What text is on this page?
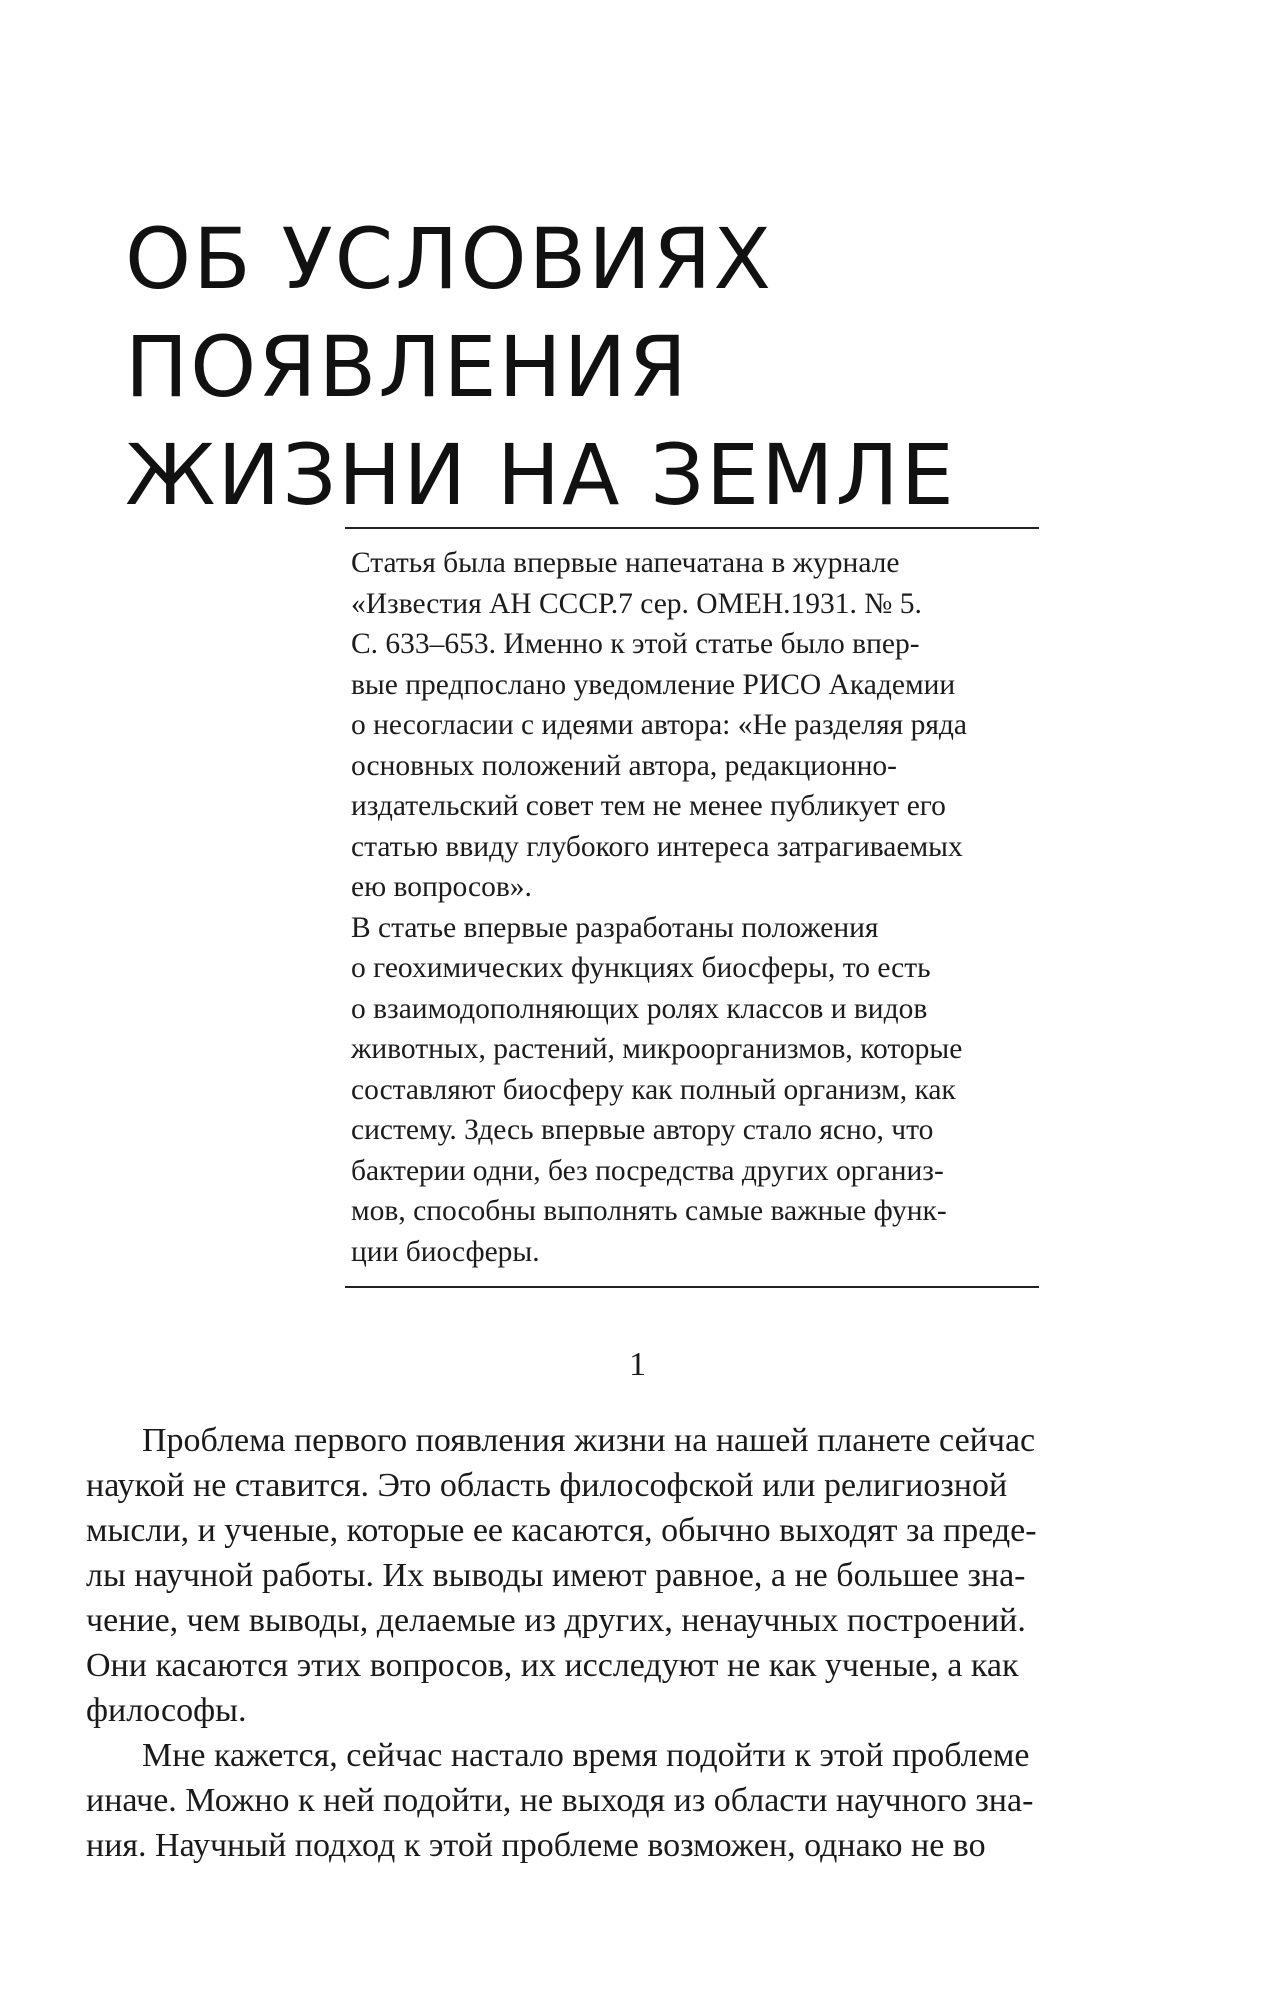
ОБ УСЛОВИЯХ ПОЯВЛЕНИЯ
ЖИЗНИ НА ЗЕМЛЕ
Статья была впервые напечатана в журнале
«Известия АН СССР.7 сер. ОМЕН.1931. № 5.
С. 633–653. Именно к этой статье было впер-
вые предпослано уведомление РИСО Академии
о несогласии с идеями автора: «Не разделяя ряда
основных положений автора, редакционно-
издательский совет тем не менее публикует его
статью ввиду глубокого интереса затрагиваемых
ею вопросов».
В статье впервые разработаны положения
о геохимических функциях биосферы, то есть
о взаимодополняющих ролях классов и видов
животных, растений, микроорганизмов, которые
составляют биосферу как полный организм, как
систему. Здесь впервые автору стало ясно, что
бактерии одни, без посредства других организ-
мов, способны выполнять самые важные функ-
ции биосферы.
1
Проблема первого появления жизни на нашей планете сейчас
наукой не ставится. Это область философской или религиозной
мысли, и ученые, которые ее касаются, обычно выходят за преде-
лы научной работы. Их выводы имеют равное, а не большее зна-
чение, чем выводы, делаемые из других, ненаучных построений.
Они касаются этих вопросов, их исследуют не как ученые, а как
философы.
Мне кажется, сейчас настало время подойти к этой проблеме
иначе. Можно к ней подойти, не выходя из области научного зна-
ния. Научный подход к этой проблеме возможен, однако не во
